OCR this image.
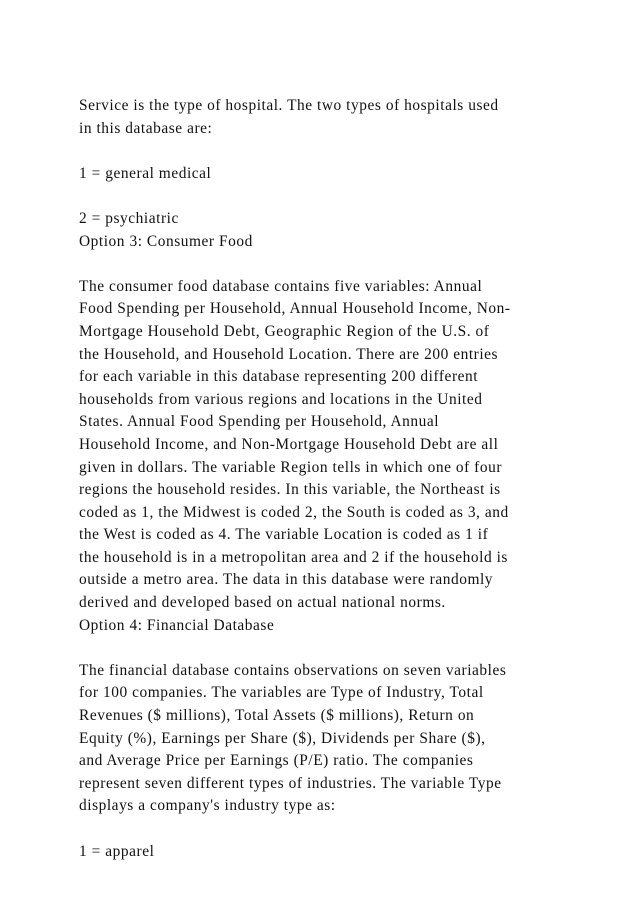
Service is the type of hospital. The two types of hospitals used
in this database are:
1 = general medical
2 = psychiatric
Option 3: Consumer Food
The consumer food database contains five variables: Annual
Food Spending per Household, Annual Household Income, Non-
Mortgage Household Debt, Geographic Region of the U.S. of
the Household, and Household Location. There are 200 entries
for each variable in this database representing 200 different
households from various regions and locations in the United
States. Annual Food Spending per Household, Annual
Household Income, and Non-Mortgage Household Debt are all
given in dollars. The variable Region tells in which one of four
regions the household resides. In this variable, the Northeast is
coded as 1, the Midwest is coded 2, the South is coded as 3, and
the West is coded as 4. The variable Location is coded as 1 if
the household is in a metropolitan area and 2 if the household is
outside a metro area. The data in this database were randomly
derived and developed based on actual national norms.
Option 4: Financial Database
The financial database contains observations on seven variables
for 100 companies. The variables are Type of Industry, Total
Revenues ($ millions), Total Assets ($ millions), Return on
Equity (%), Earnings per Share ($), Dividends per Share ($),
and Average Price per Earnings (P/E) ratio. The companies
represent seven different types of industries. The variable Type
displays a company's industry type as:
1 = apparel
